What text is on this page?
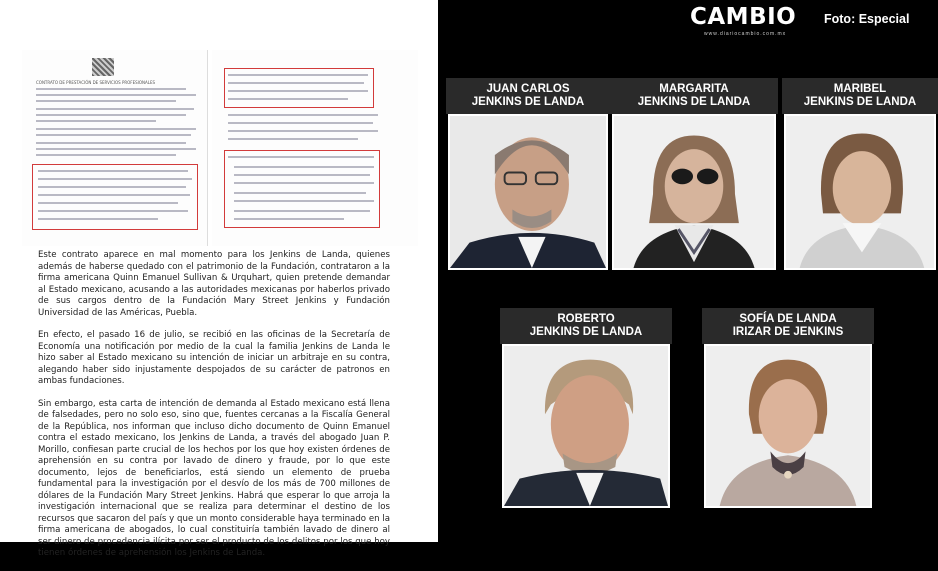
CONTRATO DE PRESTACIÓN DE SERVICIOS PROFESIONALES

Este contrato aparece en mal momento para los Jenkins de Landa, quienes además de haberse quedado con el patrimonio de la Fundación, contrataron a la firma americana Quinn Emanuel Sullivan & Urquhart, quien pretende demandar al Estado mexicano, acusando a las autoridades mexicanas por haberlos privado de sus cargos dentro de la Fundación Mary Street Jenkins y Fundación Universidad de las Américas, Puebla.

En efecto, el pasado 16 de julio, se recibió en las oficinas de la Secretaría de Economía una notificación por medio de la cual la familia Jenkins de Landa le hizo saber al Estado mexicano su intención de iniciar un arbitraje en su contra, alegando haber sido injustamente despojados de su carácter de patronos en ambas fundaciones.

Sin embargo, esta carta de intención de demanda al Estado mexicano está llena de falsedades, pero no solo eso, sino que, fuentes cercanas a la Fiscalía General de la República, nos informan que incluso dicho documento de Quinn Emanuel contra el estado mexicano, los Jenkins de Landa, a través del abogado Juan P. Morillo, confiesan parte crucial de los hechos por los que hoy existen órdenes de aprehensión en su contra por lavado de dinero y fraude, por lo que este documento, lejos de beneficiarlos, está siendo un elemento de prueba fundamental para la investigación por el desvío de los más de 700 millones de dólares de la Fundación Mary Street Jenkins. Habrá que esperar lo que arroja la investigación internacional que se realiza para determinar el destino de los recursos que sacaron del país y que un monto considerable haya terminado en la firma americana de abogados, lo cual constituiría también lavado de dinero al ser dinero de procedencia ilícita por ser el producto de los delitos por los que hoy tienen órdenes de aprehensión los Jenkins de Landa.

CAMBIO
www.diariocambio.com.mx
Foto: Especial
JUAN CARLOS
JENKINS DE LANDA
MARGARITA
JENKINS DE LANDA
MARIBEL
JENKINS DE LANDA
ROBERTO
JENKINS DE LANDA
SOFÍA DE LANDA
IRIZAR DE JENKINS
